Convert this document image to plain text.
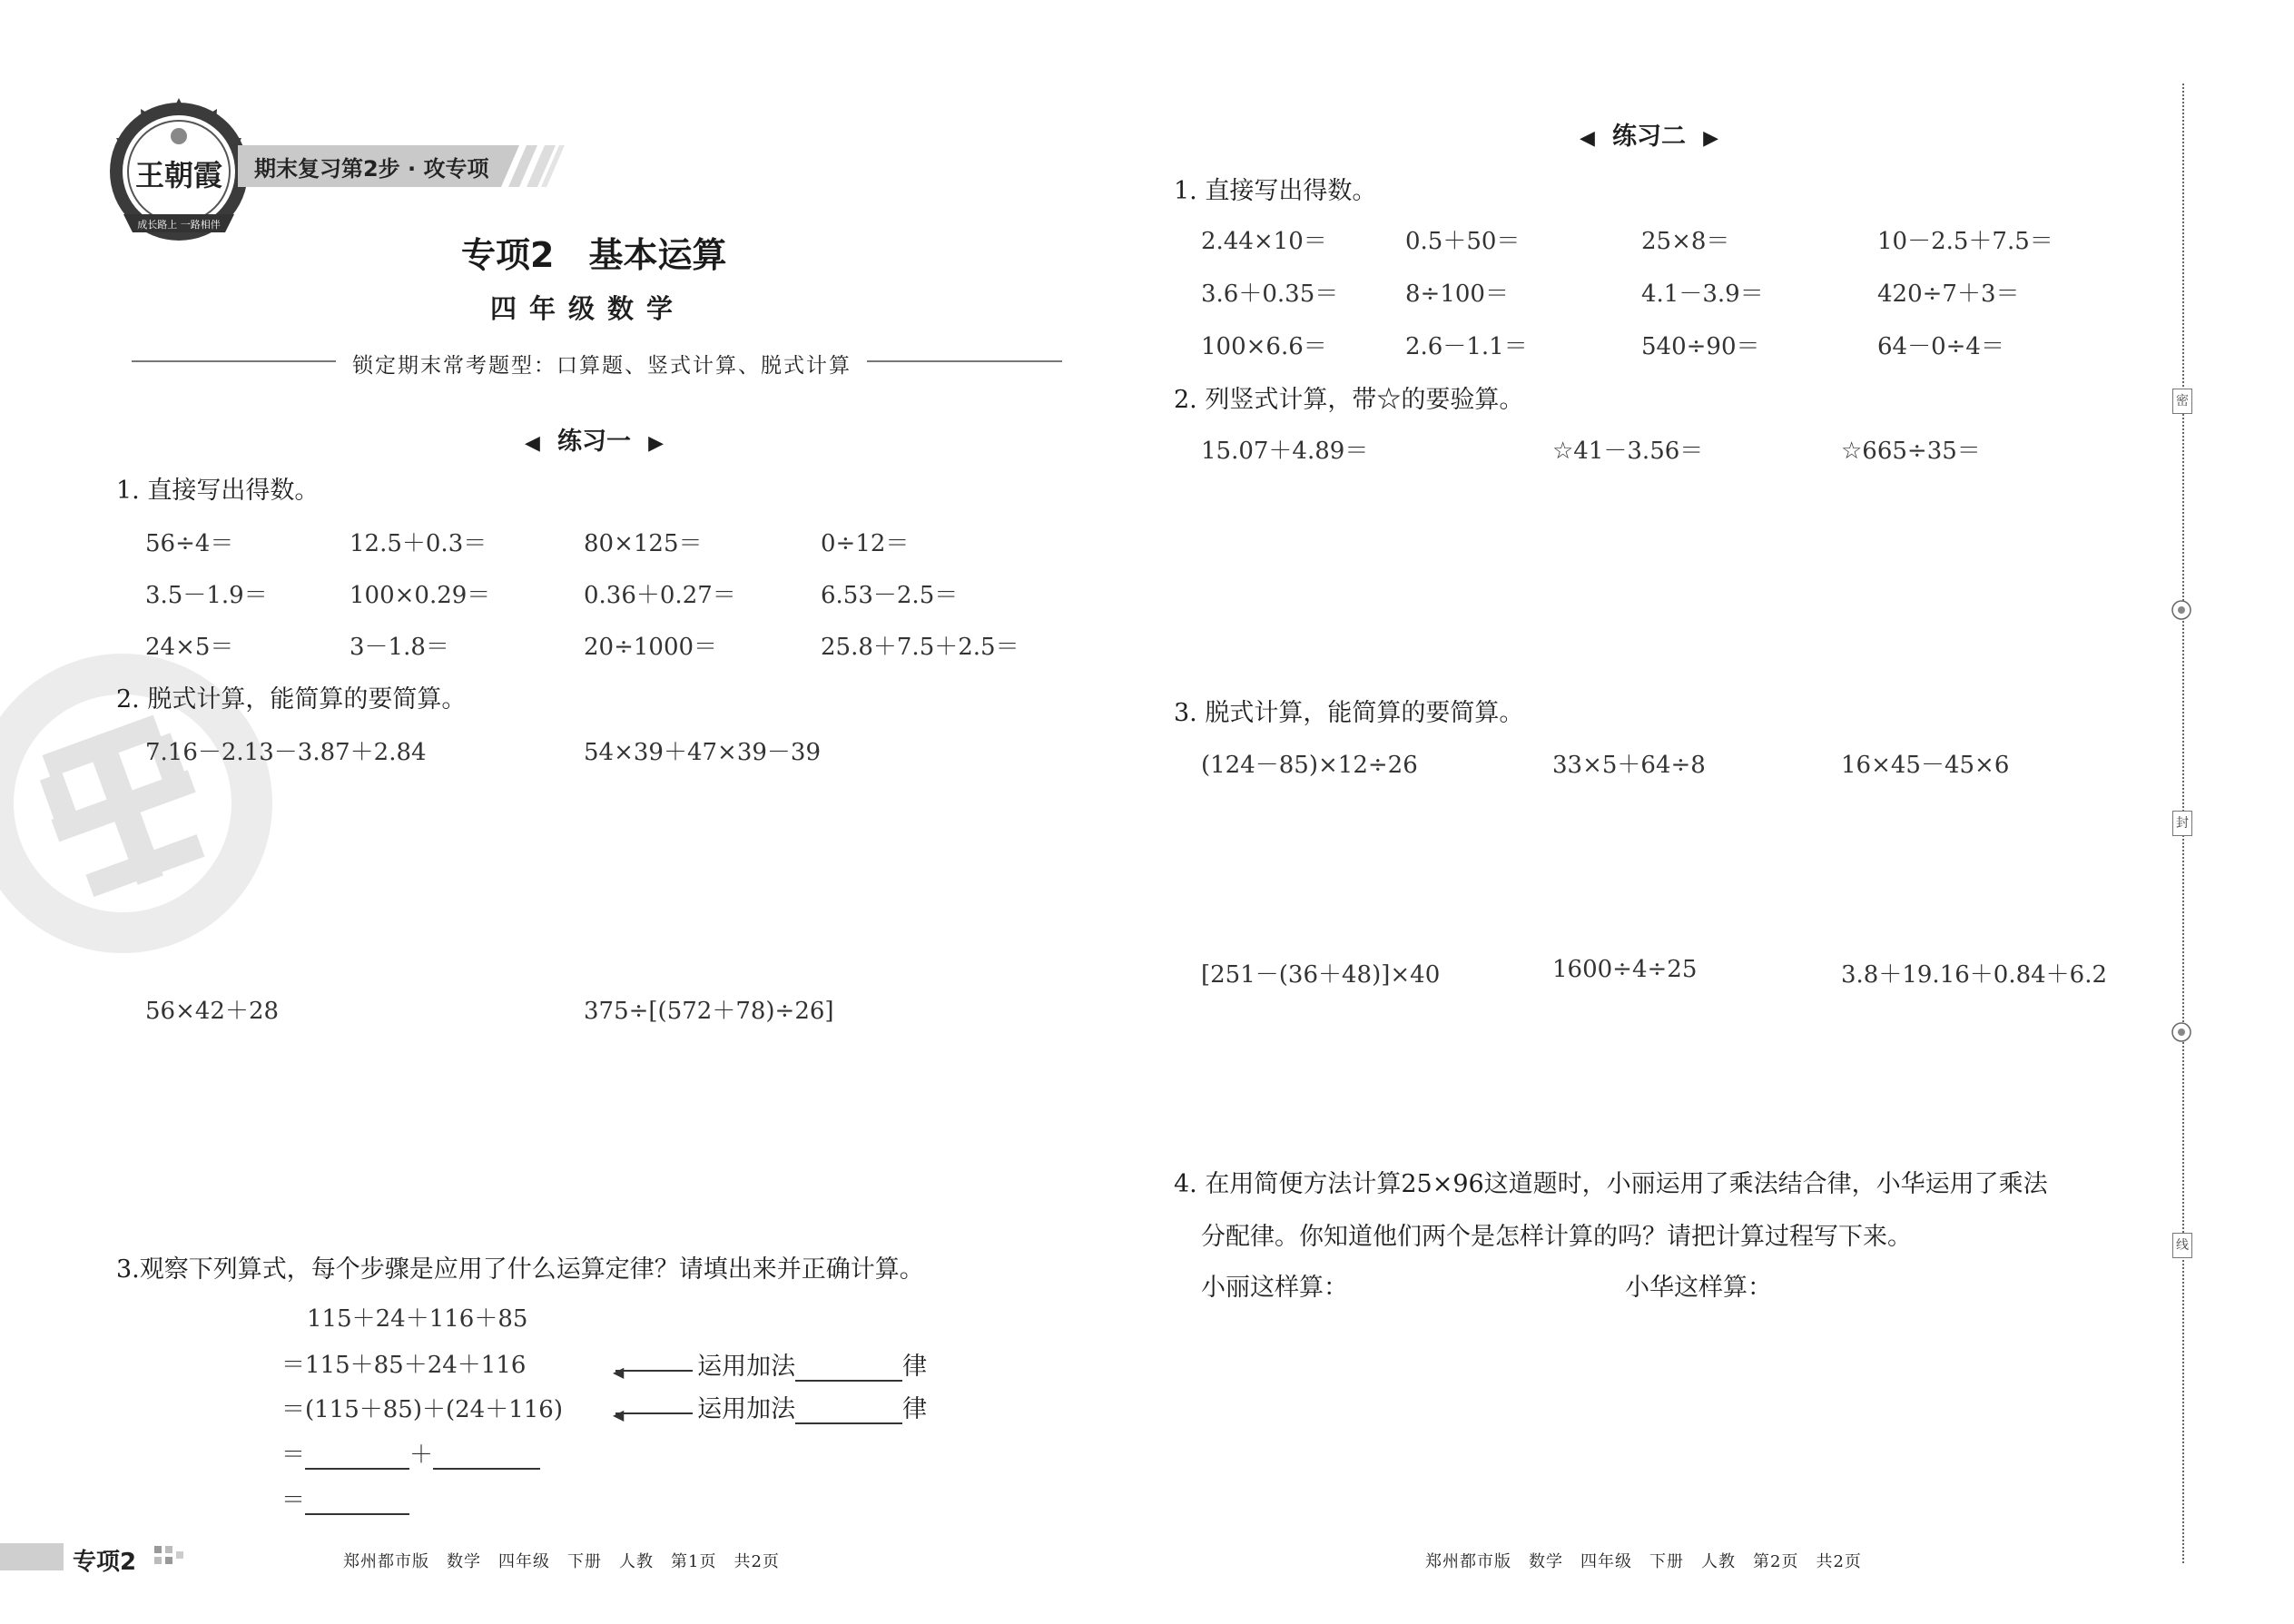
王朝霞
成长路上 一路相伴
期末复习第2步 · 攻专项
专项2　基本运算
四年级数学
锁定期末常考题型：口算题、竖式计算、脱式计算
◀ 练习一 ▶
1. 直接写出得数。
56÷4＝	12.5＋0.3＝	80×125＝	0÷12＝
3.5－1.9＝	100×0.29＝	0.36＋0.27＝	6.53－2.5＝
24×5＝	3－1.8＝	20÷1000＝	25.8＋7.5＋2.5＝
2. 脱式计算，能简算的要简算。
7.16－2.13－3.87＋2.84	54×39＋47×39－39
56×42＋28	375÷[(572＋78)÷26]
3.观察下列算式，每个步骤是应用了什么运算定律？请填出来并正确计算。
115＋24＋116＋85
＝115＋85＋24＋116
＝(115＋85)＋(24＋116)
◀	运用加法	律
◀	运用加法	律
＝	＋
＝
专项2	郑州都市版　数学　四年级　下册　人教　第1页　共2页
◀ 练习二 ▶
1. 直接写出得数。
2.44×10＝	0.5＋50＝	25×8＝	10－2.5＋7.5＝
3.6＋0.35＝	8÷100＝	4.1－3.9＝	420÷7＋3＝
100×6.6＝	2.6－1.1＝	540÷90＝	64－0÷4＝
2. 列竖式计算，带☆的要验算。
15.07＋4.89＝	☆41－3.56＝	☆665÷35＝
3. 脱式计算，能简算的要简算。
(124－85)×12÷26	33×5＋64÷8	16×45－45×6
[251－(36＋48)]×40	1600÷4÷25	3.8＋19.16＋0.84＋6.2
4. 在用简便方法计算25×96这道题时，小丽运用了乘法结合律，小华运用了乘法
分配律。你知道他们两个是怎样计算的吗？请把计算过程写下来。
小丽这样算：	小华这样算：
郑州都市版　数学　四年级　下册　人教　第2页　共2页
密
封
线
